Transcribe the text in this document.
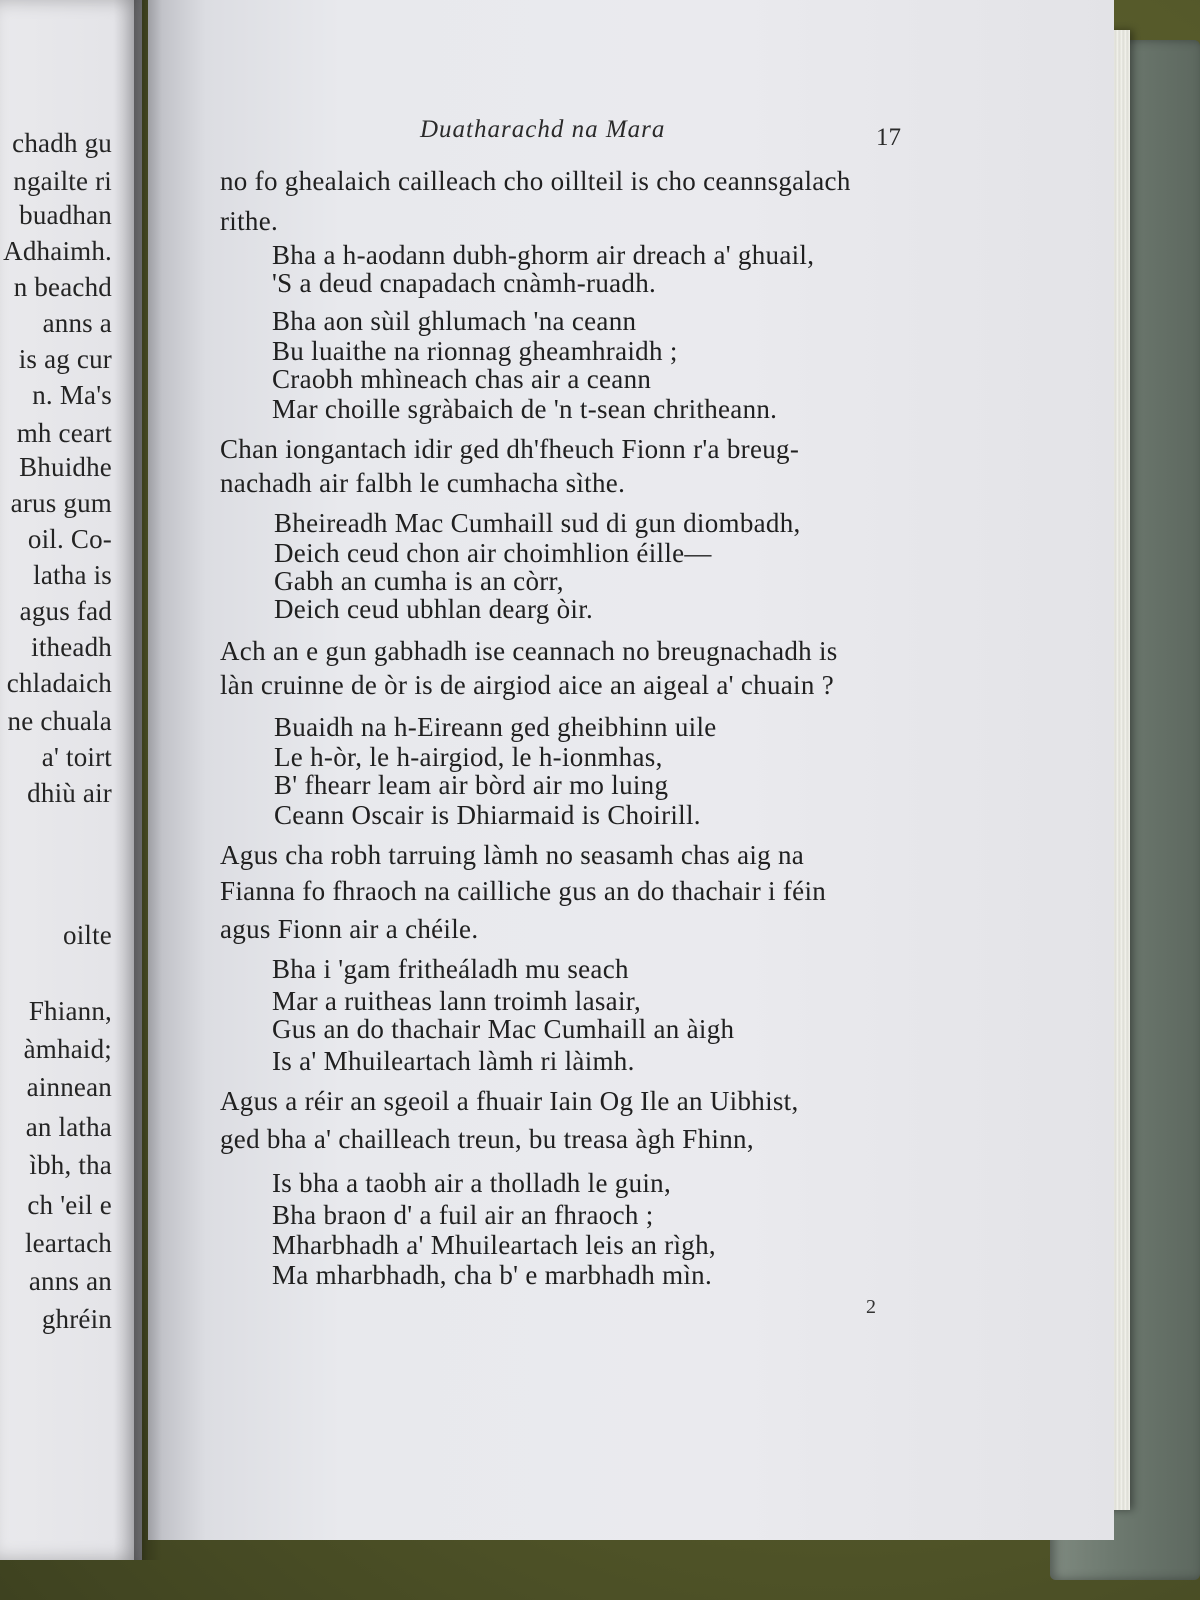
chadh gu
ngailte ri
buadhan
Adhaimh.
n beachd
anns a
is ag cur
n. Ma's
mh ceart
Bhuidhe
arus gum
oil. Co-
latha is
agus fad
itheadh
chladaich
ne chuala
a' toirt
dhiù air
oilte
Fhiann,
àmhaid;
ainnean
an latha
ìbh, tha
ch 'eil e
leartach
anns an
ghréin
Duatharachd na Mara	17
no fo ghealaich cailleach cho oillteil is cho ceannsgalach
rithe.
Bha a h-aodann dubh-ghorm air dreach a' ghuail,
'S a deud cnapadach cnàmh-ruadh.
Bha aon sùil ghlumach 'na ceann
Bu luaithe na rionnag gheamhraidh ;
Craobh mhìneach chas air a ceann
Mar choille sgràbaich de 'n t-sean chritheann.
Chan iongantach idir ged dh'fheuch Fionn r'a breug-
nachadh air falbh le cumhacha sìthe.
Bheireadh Mac Cumhaill sud di gun diombadh,
Deich ceud chon air choimhlion éille—
Gabh an cumha is an còrr,
Deich ceud ubhlan dearg òir.
Ach an e gun gabhadh ise ceannach no breugnachadh is
làn cruinne de òr is de airgiod aice an aigeal a' chuain ?
Buaidh na h-Eireann ged gheibhinn uile
Le h-òr, le h-airgiod, le h-ionmhas,
B' fhearr leam air bòrd air mo luing
Ceann Oscair is Dhiarmaid is Choirill.
Agus cha robh tarruing làmh no seasamh chas aig na
Fianna fo fhraoch na cailliche gus an do thachair i féin
agus Fionn air a chéile.
Bha i 'gam fritheáladh mu seach
Mar a ruitheas lann troimh lasair,
Gus an do thachair Mac Cumhaill an àigh
Is a' Mhuileartach làmh ri làimh.
Agus a réir an sgeoil a fhuair Iain Og Ile an Uibhist,
ged bha a' chailleach treun, bu treasa àgh Fhinn,
Is bha a taobh air a tholladh le guin,
Bha braon d' a fuil air an fhraoch ;
Mharbhadh a' Mhuileartach leis an rìgh,
Ma mharbhadh, cha b' e marbhadh mìn.
2
